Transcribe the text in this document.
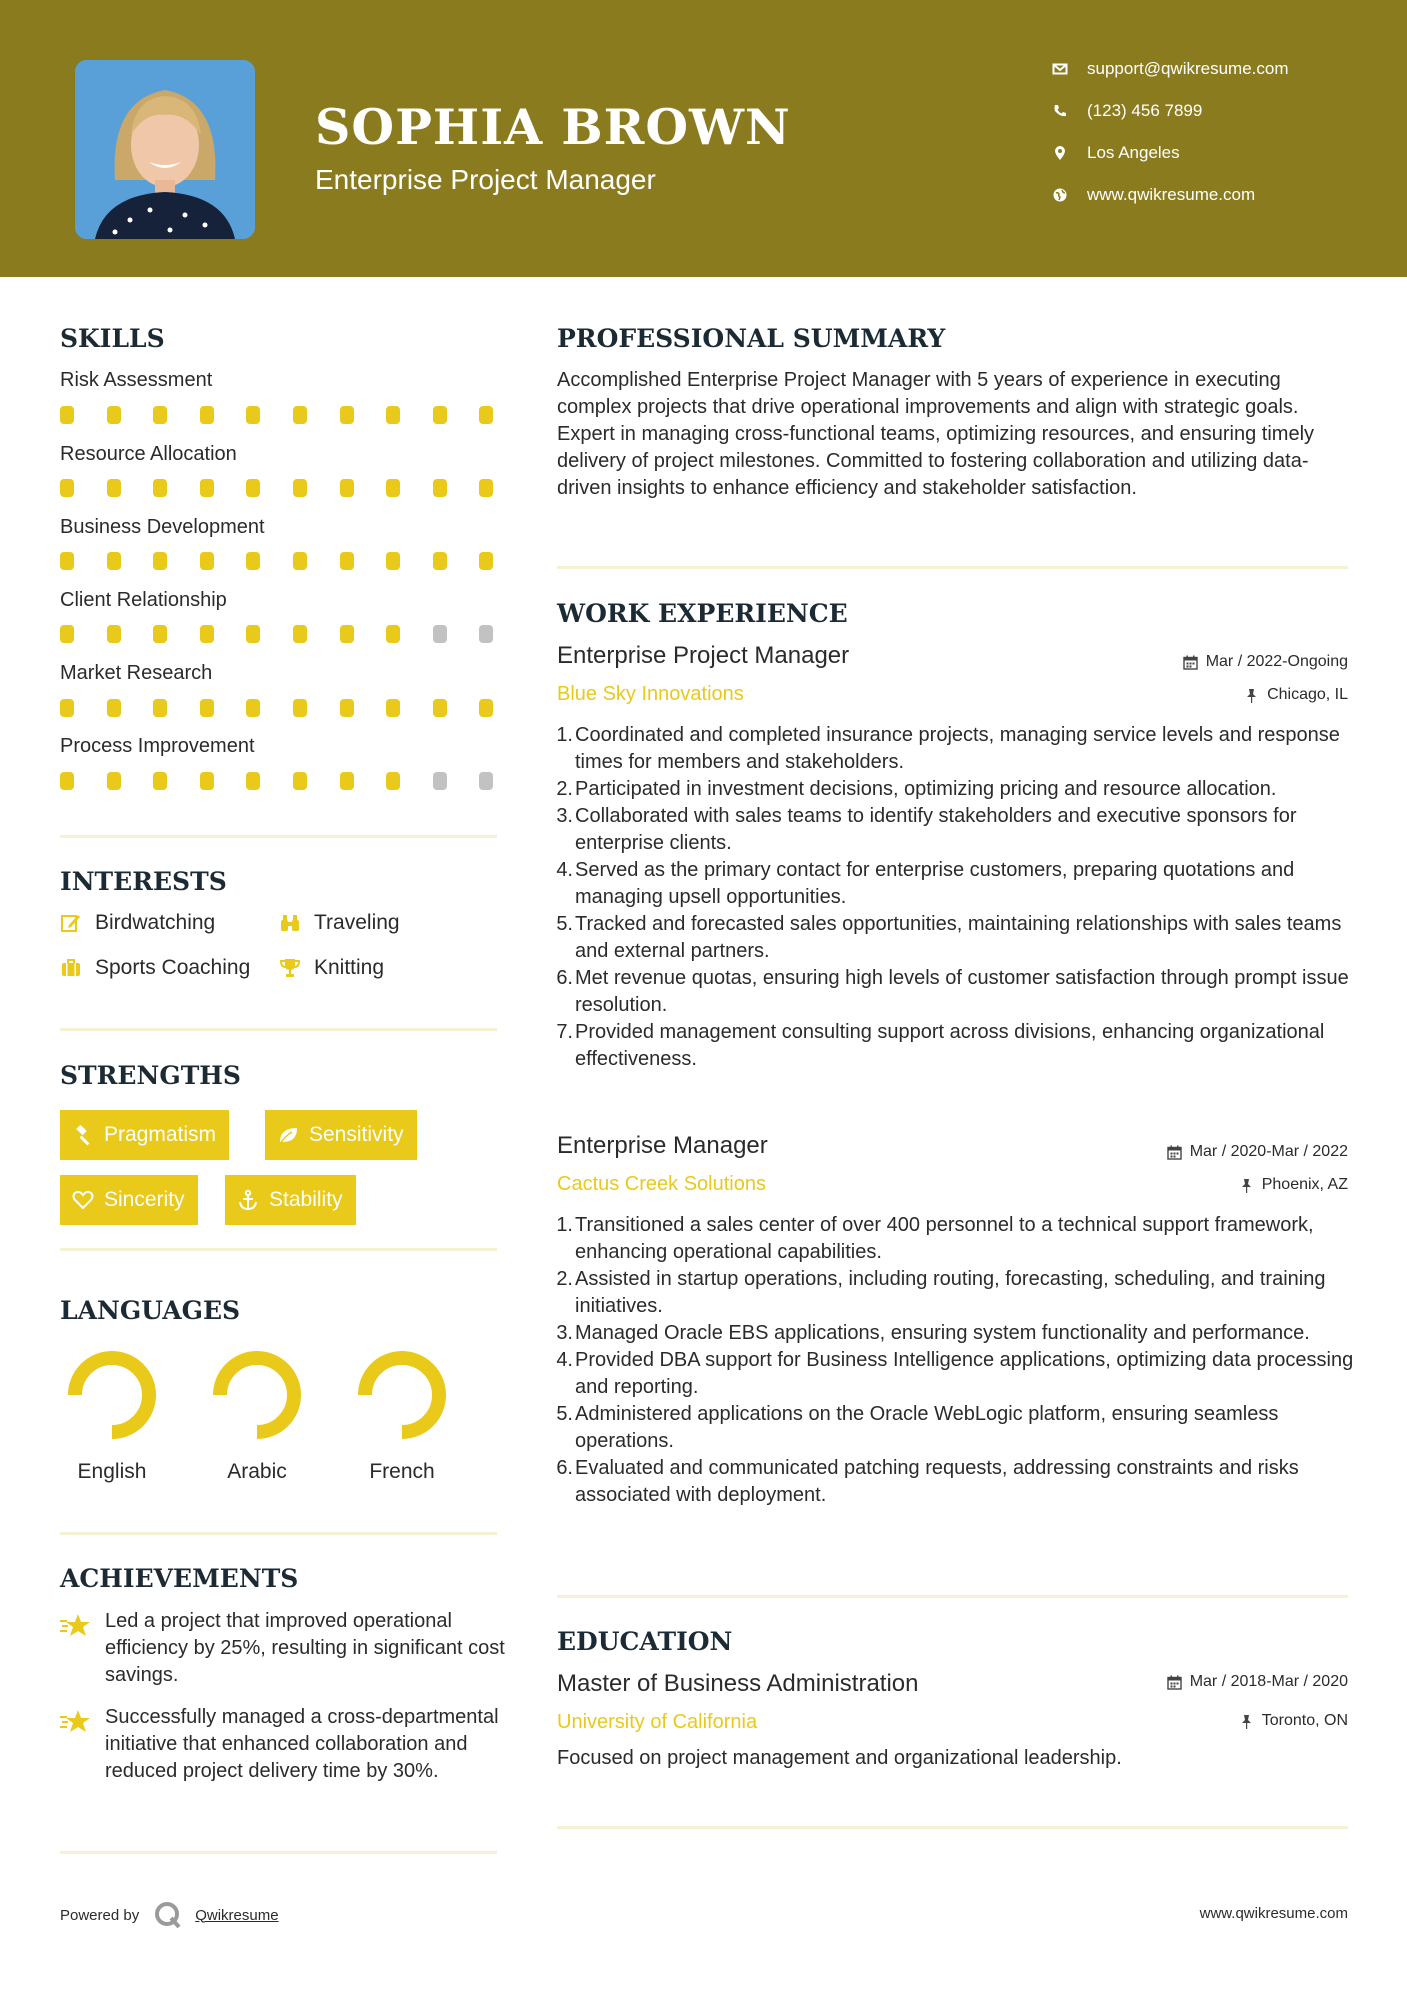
SOPHIA BROWN
Enterprise Project Manager
support@qwikresume.com
(123) 456 7899
Los Angeles
www.qwikresume.com
SKILLS
Risk Assessment
Resource Allocation
Business Development
Client Relationship
Market Research
Process Improvement
INTERESTS
Birdwatching	Traveling
Sports Coaching	Knitting
STRENGTHS
Pragmatism	Sensitivity
Sincerity	Stability
LANGUAGES
English	Arabic	French
ACHIEVEMENTS
Led a project that improved operational efficiency by 25%, resulting in significant cost savings.
Successfully managed a cross-departmental initiative that enhanced collaboration and reduced project delivery time by 30%.
PROFESSIONAL SUMMARY
Accomplished Enterprise Project Manager with 5 years of experience in executing complex projects that drive operational improvements and align with strategic goals. Expert in managing cross-functional teams, optimizing resources, and ensuring timely delivery of project milestones. Committed to fostering collaboration and utilizing data-driven insights to enhance efficiency and stakeholder satisfaction.
WORK EXPERIENCE
Enterprise Project Manager	Mar / 2022-Ongoing
Blue Sky Innovations	Chicago, IL
1. Coordinated and completed insurance projects, managing service levels and response times for members and stakeholders.
2. Participated in investment decisions, optimizing pricing and resource allocation.
3. Collaborated with sales teams to identify stakeholders and executive sponsors for enterprise clients.
4. Served as the primary contact for enterprise customers, preparing quotations and managing upsell opportunities.
5. Tracked and forecasted sales opportunities, maintaining relationships with sales teams and external partners.
6. Met revenue quotas, ensuring high levels of customer satisfaction through prompt issue resolution.
7. Provided management consulting support across divisions, enhancing organizational effectiveness.
Enterprise Manager	Mar / 2020-Mar / 2022
Cactus Creek Solutions	Phoenix, AZ
1. Transitioned a sales center of over 400 personnel to a technical support framework, enhancing operational capabilities.
2. Assisted in startup operations, including routing, forecasting, scheduling, and training initiatives.
3. Managed Oracle EBS applications, ensuring system functionality and performance.
4. Provided DBA support for Business Intelligence applications, optimizing data processing and reporting.
5. Administered applications on the Oracle WebLogic platform, ensuring seamless operations.
6. Evaluated and communicated patching requests, addressing constraints and risks associated with deployment.
EDUCATION
Master of Business Administration	Mar / 2018-Mar / 2020
University of California	Toronto, ON
Focused on project management and organizational leadership.
Powered by	Qwikresume	www.qwikresume.com
